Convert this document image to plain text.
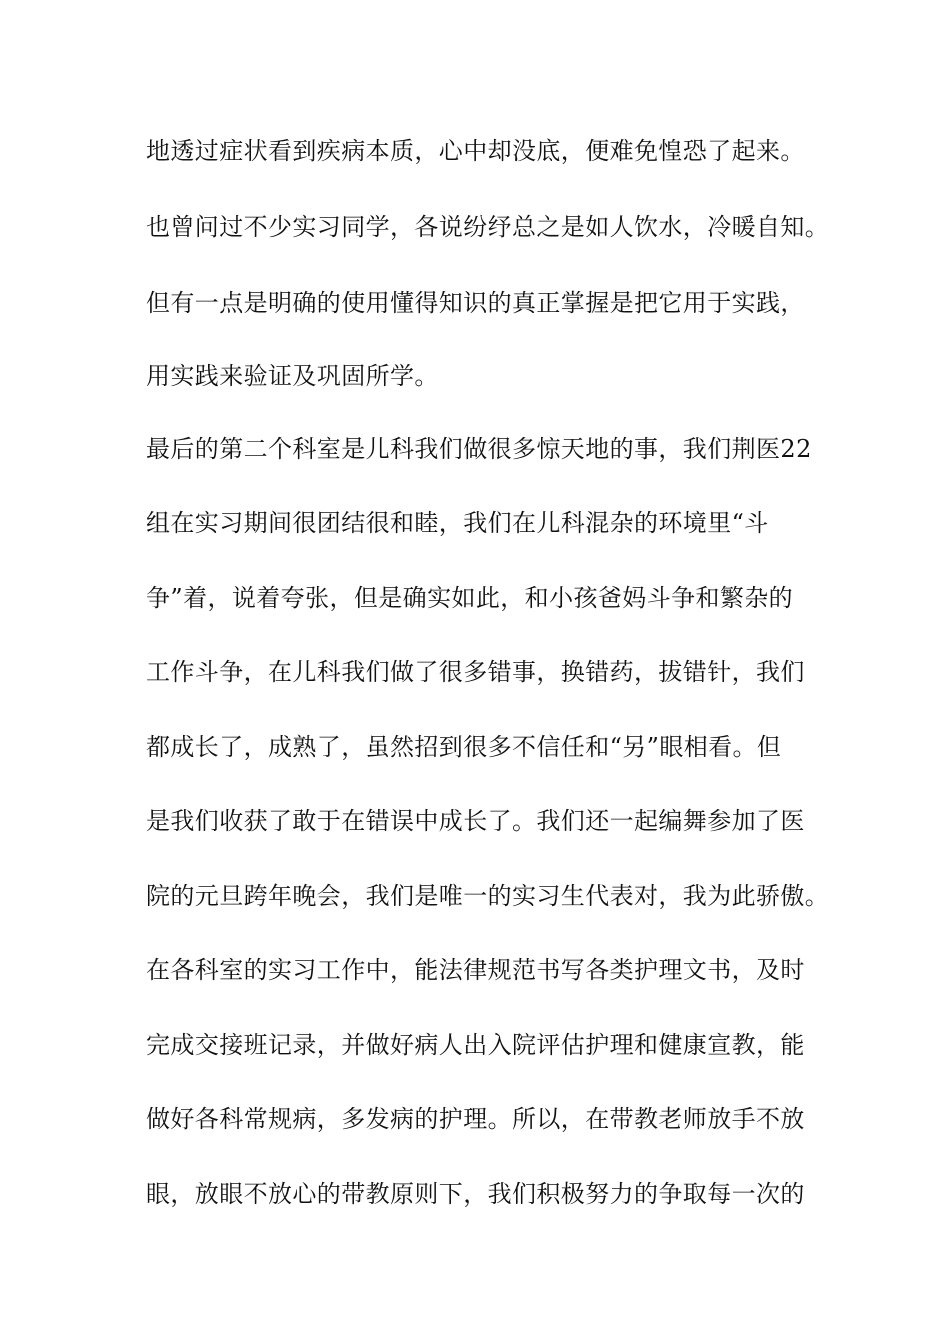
地透过症状看到疾病本质，心中却没底，便难免惶恐了起来。
也曾问过不少实习同学，各说纷纾总之是如人饮水，冷暖自知。
但有一点是明确的使用懂得知识的真正掌握是把它用于实践，
用实践来验证及巩固所学。
最后的第二个科室是儿科我们做很多惊天地的事，我们荆医22
组在实习期间很团结很和睦，我们在儿科混杂的环境里“斗
争”着，说着夸张，但是确实如此，和小孩爸妈斗争和繁杂的
工作斗争，在儿科我们做了很多错事，换错药，拔错针，我们
都成长了，成熟了，虽然招到很多不信任和“另”眼相看。但
是我们收获了敢于在错误中成长了。我们还一起编舞参加了医
院的元旦跨年晚会，我们是唯一的实习生代表对，我为此骄傲。
在各科室的实习工作中，能法律规范书写各类护理文书，及时
完成交接班记录，并做好病人出入院评估护理和健康宣教，能
做好各科常规病，多发病的护理。所以，在带教老师放手不放
眼，放眼不放心的带教原则下，我们积极努力的争取每一次的
